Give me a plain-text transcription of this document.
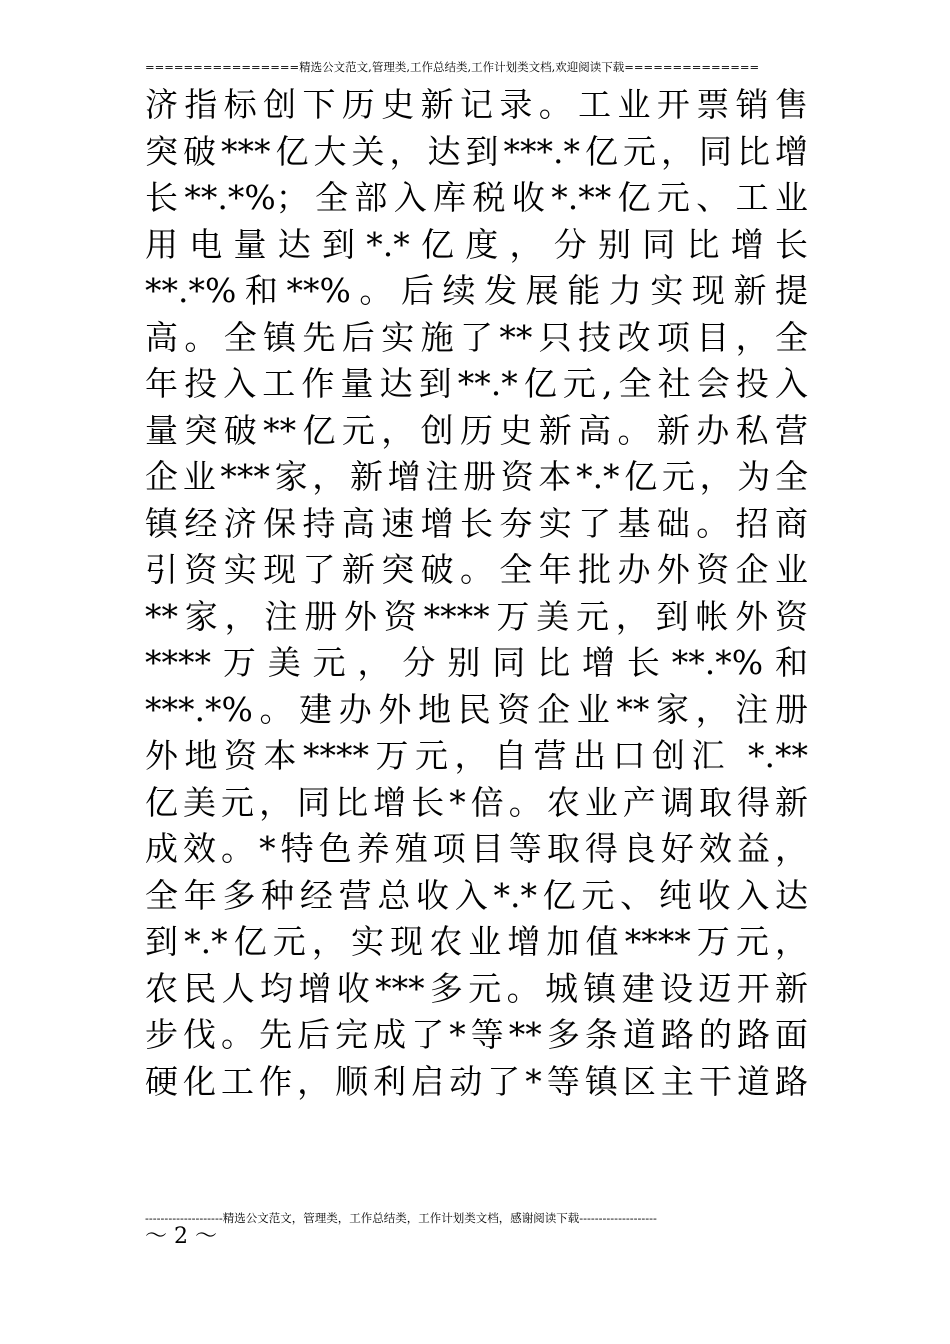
================精选公文范文,管理类,工作总结类,工作计划类文档,欢迎阅读下载==============
济指标创下历史新记录。工业开票销售
突破***亿大关，达到***.*亿元，同比增
长**.*%；全部入库税收*.**亿元、工业
用电量达到*.*亿度，分别同比增长
**.*%和**%。后续发展能力实现新提
高。全镇先后实施了**只技改项目，全
年投入工作量达到**.*亿元,全社会投入
量突破**亿元，创历史新高。新办私营
企业***家，新增注册资本*.*亿元，为全
镇经济保持高速增长夯实了基础。招商
引资实现了新突破。全年批办外资企业
**家，注册外资****万美元，到帐外资
****万美元，分别同比增长**.*%和
***.*%。建办外地民资企业**家，注册
外地资本****万元，自营出口创汇 *.**
亿美元，同比增长*倍。农业产调取得新
成效。*特色养殖项目等取得良好效益，
全年多种经营总收入*.*亿元、纯收入达
到*.*亿元，实现农业增加值****万元，
农民人均增收***多元。城镇建设迈开新
步伐。先后完成了*等**多条道路的路面
硬化工作，顺利启动了*等镇区主干道路
--------------------精选公文范文，管理类，工作总结类，工作计划类文档，感谢阅读下载--------------------
～ 2 ～
